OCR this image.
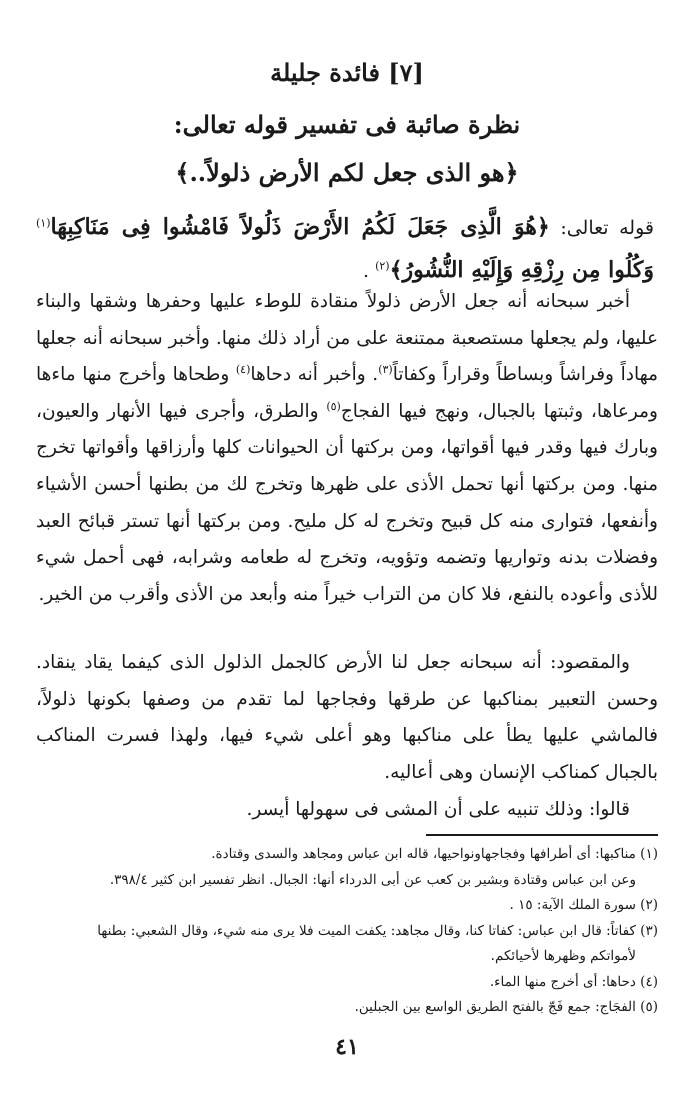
[٧] فائدة جليلة
نظرة صائبة فى تفسير قوله تعالى:
﴿هو الذى جعل لكم الأرض ذلولاً..﴾
قوله تعالى: ﴿هُوَ الَّذِى جَعَلَ لَكُمُ الأَرْضَ ذَلُولاً فَامْشُوا فِى مَنَاكِبِهَا$^{(١)}$ وَكُلُوا مِن رِزْقِهِ وَإِلَيْهِ النُّشُورُ﴾$^{(٢)}$ .
أخبر سبحانه أنه جعل الأرض ذلولاً منقادة للوطء عليها وحفرها وشقها والبناء عليها، ولم يجعلها مستصعبة ممتنعة على من أراد ذلك منها. وأخبر سبحانه أنه جعلها مهاداً وفراشاً وبساطاً وقراراً وكفاتاً$^{(٣)}$. وأخبر أنه دحاها$^{(٤)}$ وطحاها وأخرج منها ماءها ومرعاها، وثبتها بالجبال، ونهج فيها الفجاج$^{(٥)}$ والطرق، وأجرى فيها الأنهار والعيون، وبارك فيها وقدر فيها أقواتها، ومن بركتها أن الحيوانات كلها وأرزاقها وأقواتها تخرج منها. ومن بركتها أنها تحمل الأذى على ظهرها وتخرج لك من بطنها أحسن الأشياء وأنفعها، فتوارى منه كل قبيح وتخرج له كل مليح. ومن بركتها أنها تستر قبائح العبد وفضلات بدنه وتواريها وتضمه وتؤويه، وتخرج له طعامه وشرابه، فهى أحمل شيء للأذى وأعوده بالنفع، فلا كان من التراب خيراً منه وأبعد من الأذى وأقرب من الخير.
والمقصود: أنه سبحانه جعل لنا الأرض كالجمل الذلول الذى كيفما يقاد ينقاد. وحسن التعبير بمناكبها عن طرقها وفجاجها لما تقدم من وصفها بكونها ذلولاً، فالماشي عليها يطأ على مناكبها وهو أعلى شيء فيها، ولهذا فسرت المناكب بالجبال كمناكب الإنسان وهى أعاليه.
قالوا: وذلك تنبيه على أن المشى فى سهولها أيسر.
(١) مناكبها: أى أطرافها وفجاجهاونواحيها، قاله ابن عباس ومجاهد والسدى وقتادة.
وعن ابن عباس وقتادة وبشير بن كعب عن أبى الدرداء أنها: الجبال. انظر تفسير ابن كثير ٣٩٨/٤.
(٢) سورة الملك الآية: ١٥ .
(٣) كفاتاً: قال ابن عباس: كفاتا كنا، وقال مجاهد: يكفت الميت فلا يرى منه شيء، وقال الشعبي: بطنها
لأمواتكم وظهرها لأحيائكم.
(٤) دحاها: أى أخرج منها الماء.
(٥) الفجَاج: جمع فَجّ بالفتح الطريق الواسع بين الجبلين.
٤١
